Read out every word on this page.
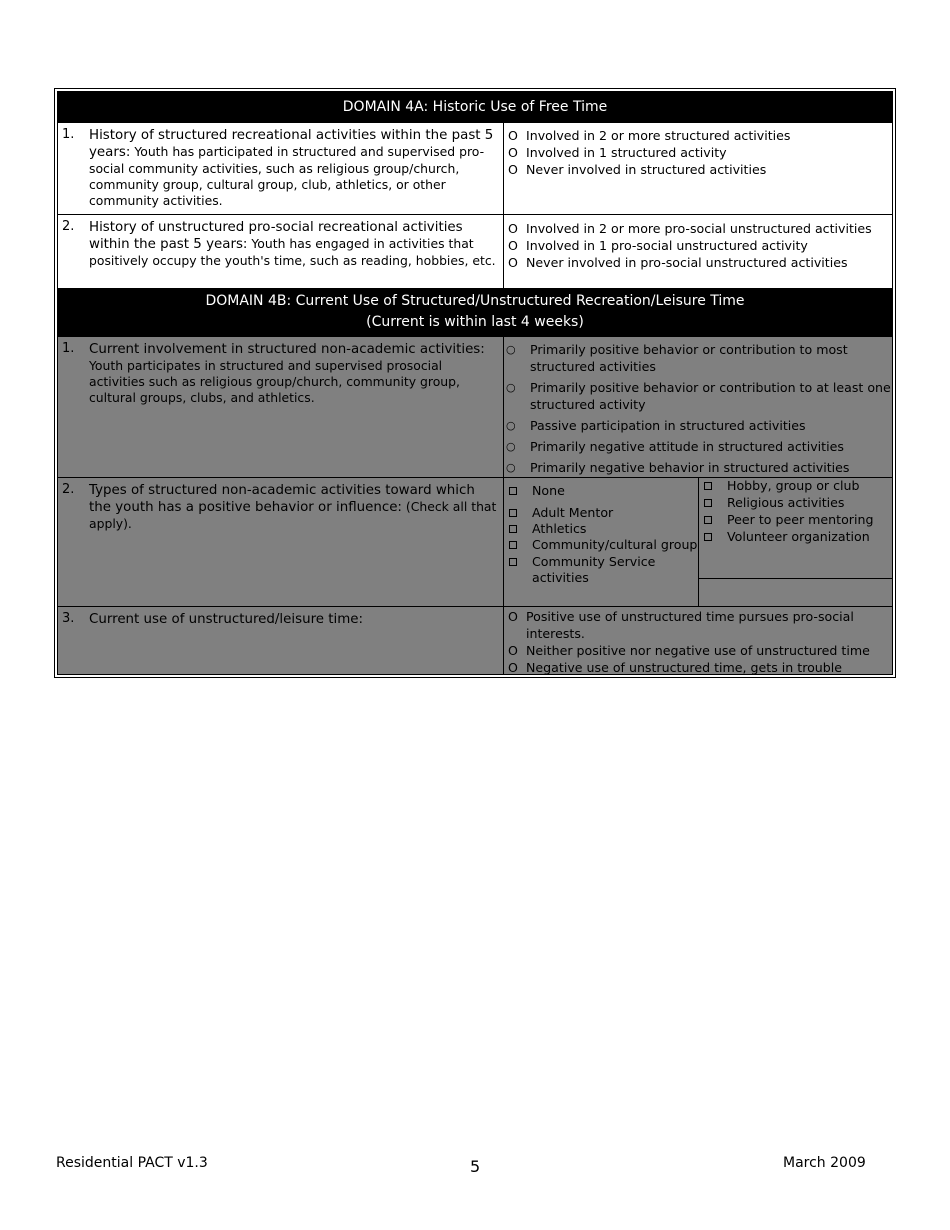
DOMAIN 4A: Historic Use of Free Time
1. History of structured recreational activities within the past 5 years: Youth has participated in structured and supervised pro-social community activities, such as religious group/church, community group, cultural group, club, athletics, or other community activities.
O Involved in 2 or more structured activities
O Involved in 1 structured activity
O Never involved in structured activities
2. History of unstructured pro-social recreational activities within the past 5 years: Youth has engaged in activities that positively occupy the youth's time, such as reading, hobbies, etc.
O Involved in 2 or more pro-social unstructured activities
O Involved in 1 pro-social unstructured activity
O Never involved in pro-social unstructured activities
DOMAIN 4B: Current Use of Structured/Unstructured Recreation/Leisure Time
(Current is within last 4 weeks)
1. Current involvement in structured non-academic activities: Youth participates in structured and supervised prosocial activities such as religious group/church, community group, cultural groups, clubs, and athletics.
○ Primarily positive behavior or contribution to most structured activities
○ Primarily positive behavior or contribution to at least one structured activity
○ Passive participation in structured activities
○ Primarily negative attitude in structured activities
○ Primarily negative behavior in structured activities
2. Types of structured non-academic activities toward which the youth has a positive behavior or influence: (Check all that apply).
None
Adult Mentor
Athletics
Community/cultural group
Community Service activities
Hobby, group or club
Religious activities
Peer to peer mentoring
Volunteer organization
3. Current use of unstructured/leisure time:	O Positive use of unstructured time pursues pro-social interests.
O Neither positive nor negative use of unstructured time
O Negative use of unstructured time, gets in trouble
Residential PACT v1.3	5	March 2009
